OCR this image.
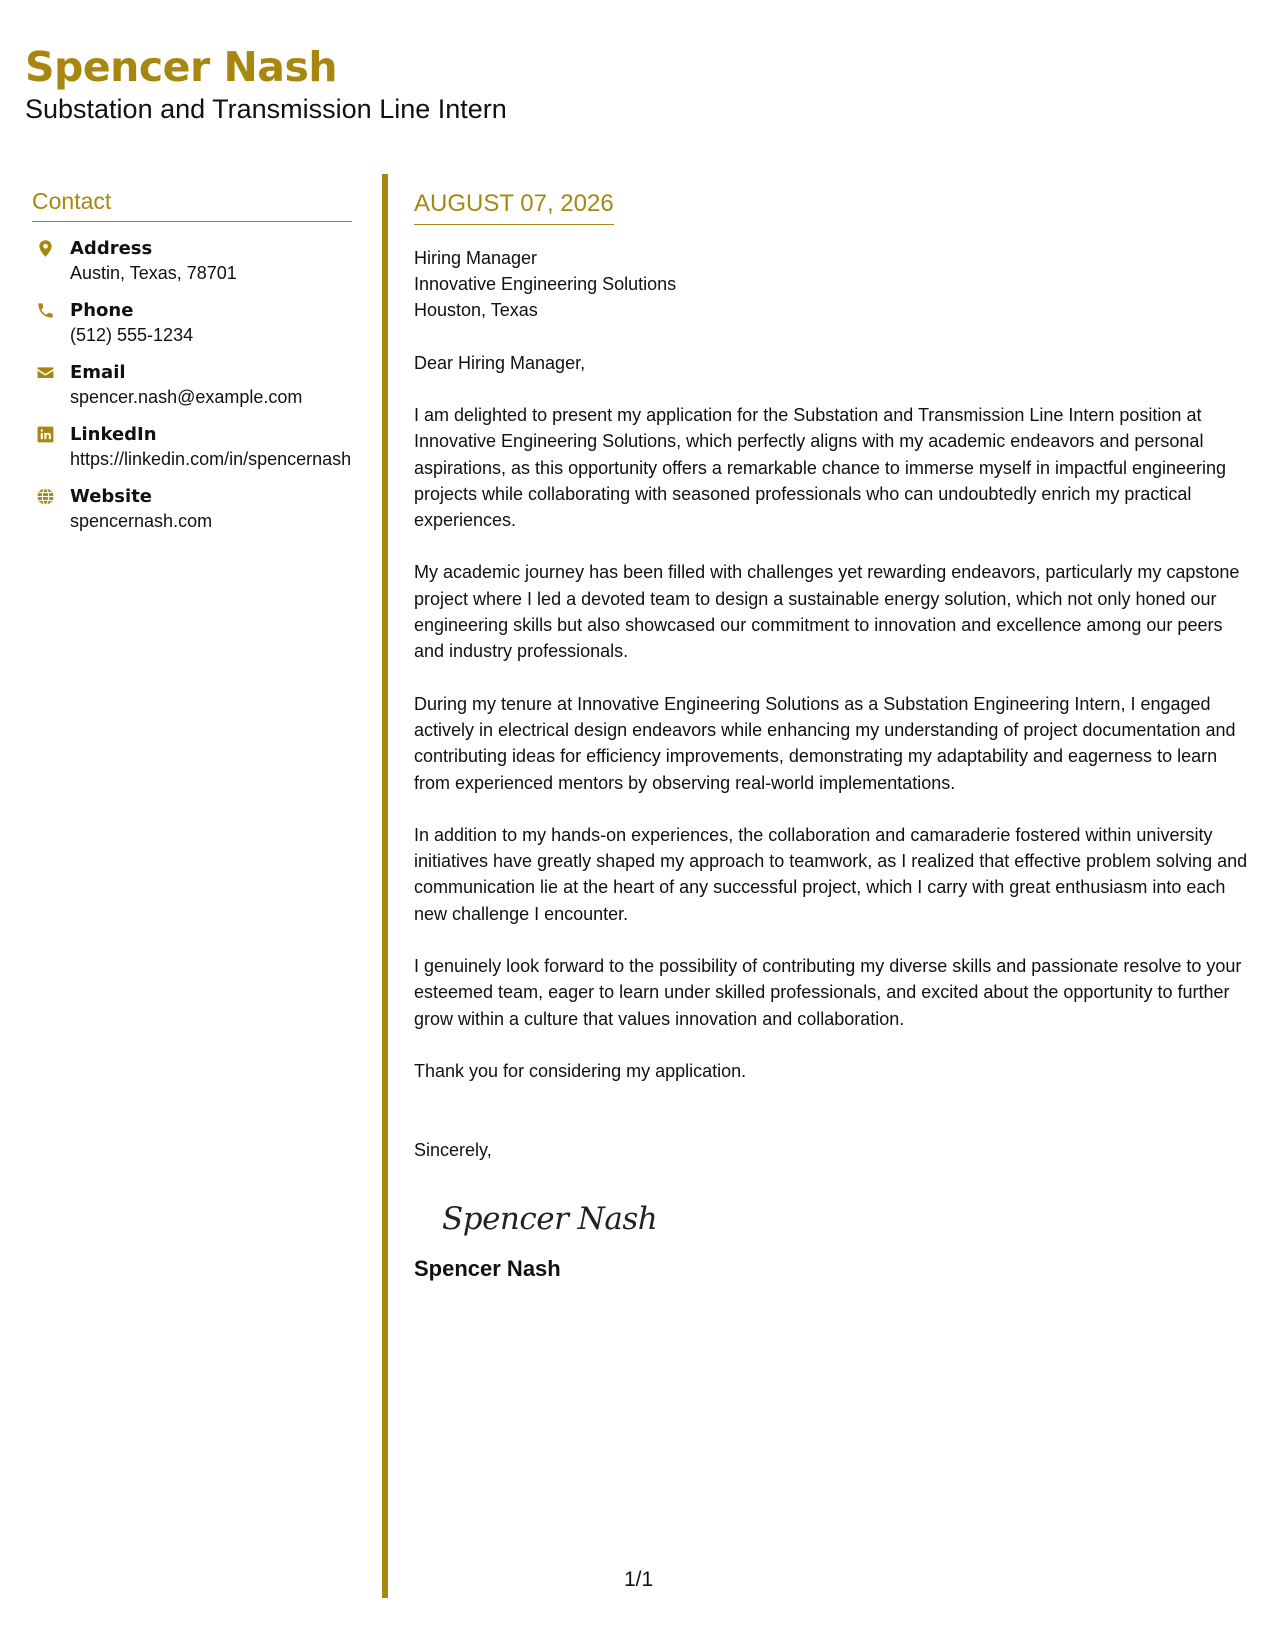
Spencer Nash
Substation and Transmission Line Intern
Contact
Address
Austin, Texas, 78701
Phone
(512) 555-1234
Email
spencer.nash@example.com
LinkedIn
https://linkedin.com/in/spencernash
Website
spencernash.com
AUGUST 07, 2026
Hiring Manager
Innovative Engineering Solutions
Houston, Texas
Dear Hiring Manager,

I am delighted to present my application for the Substation and Transmission Line Intern position at Innovative Engineering Solutions, which perfectly aligns with my academic endeavors and personal aspirations, as this opportunity offers a remarkable chance to immerse myself in impactful engineering projects while collaborating with seasoned professionals who can undoubtedly enrich my practical experiences.

My academic journey has been filled with challenges yet rewarding endeavors, particularly my capstone project where I led a devoted team to design a sustainable energy solution, which not only honed our engineering skills but also showcased our commitment to innovation and excellence among our peers and industry professionals.

During my tenure at Innovative Engineering Solutions as a Substation Engineering Intern, I engaged actively in electrical design endeavors while enhancing my understanding of project documentation and contributing ideas for efficiency improvements, demonstrating my adaptability and eagerness to learn from experienced mentors by observing real-world implementations.

In addition to my hands-on experiences, the collaboration and camaraderie fostered within university initiatives have greatly shaped my approach to teamwork, as I realized that effective problem solving and communication lie at the heart of any successful project, which I carry with great enthusiasm into each new challenge I encounter.

I genuinely look forward to the possibility of contributing my diverse skills and passionate resolve to your esteemed team, eager to learn under skilled professionals, and excited about the opportunity to further grow within a culture that values innovation and collaboration.

Thank you for considering my application.

Sincerely,
Spencer Nash
Spencer Nash
1/1
